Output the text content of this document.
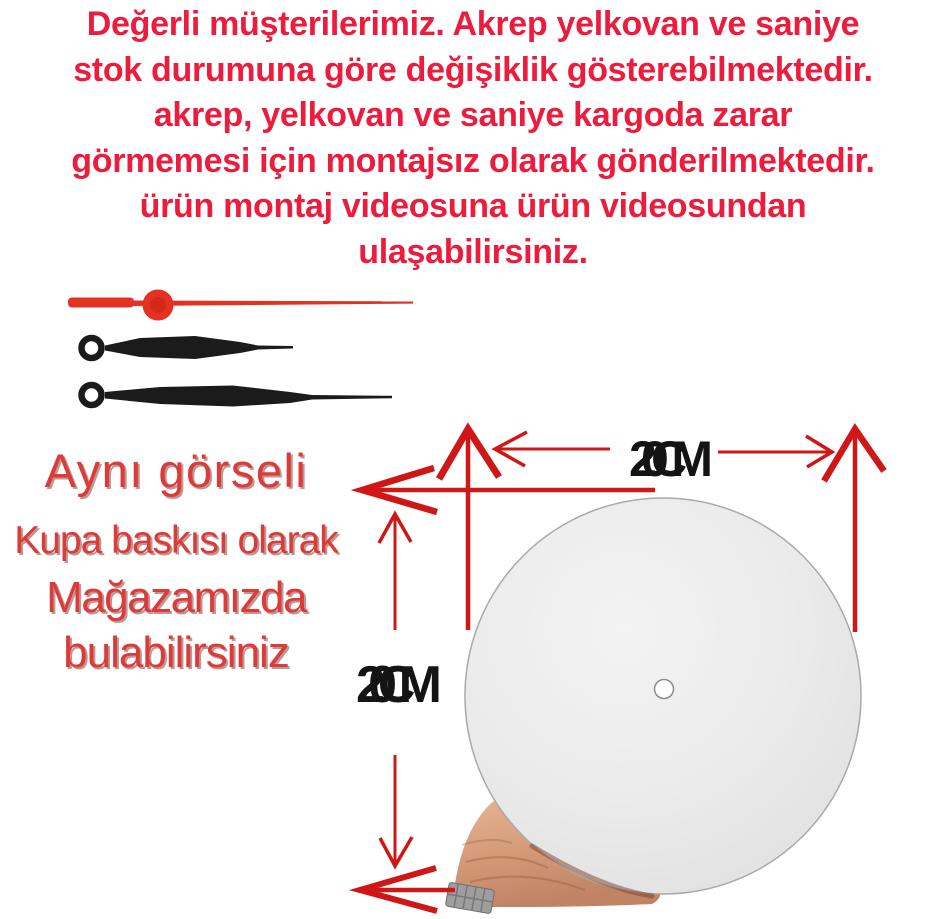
Değerli müşterilerimiz. Akrep yelkovan ve saniye
stok durumuna göre değişiklik gösterebilmektedir.
akrep, yelkovan ve saniye kargoda zarar
görmemesi için montajsız olarak gönderilmektedir.
ürün montaj videosuna ürün videosundan
ulaşabilirsiniz.
20 CM
20 CM
Aynı görseli
Kupa baskısı olarak
Mağazamızda
bulabilirsiniz
